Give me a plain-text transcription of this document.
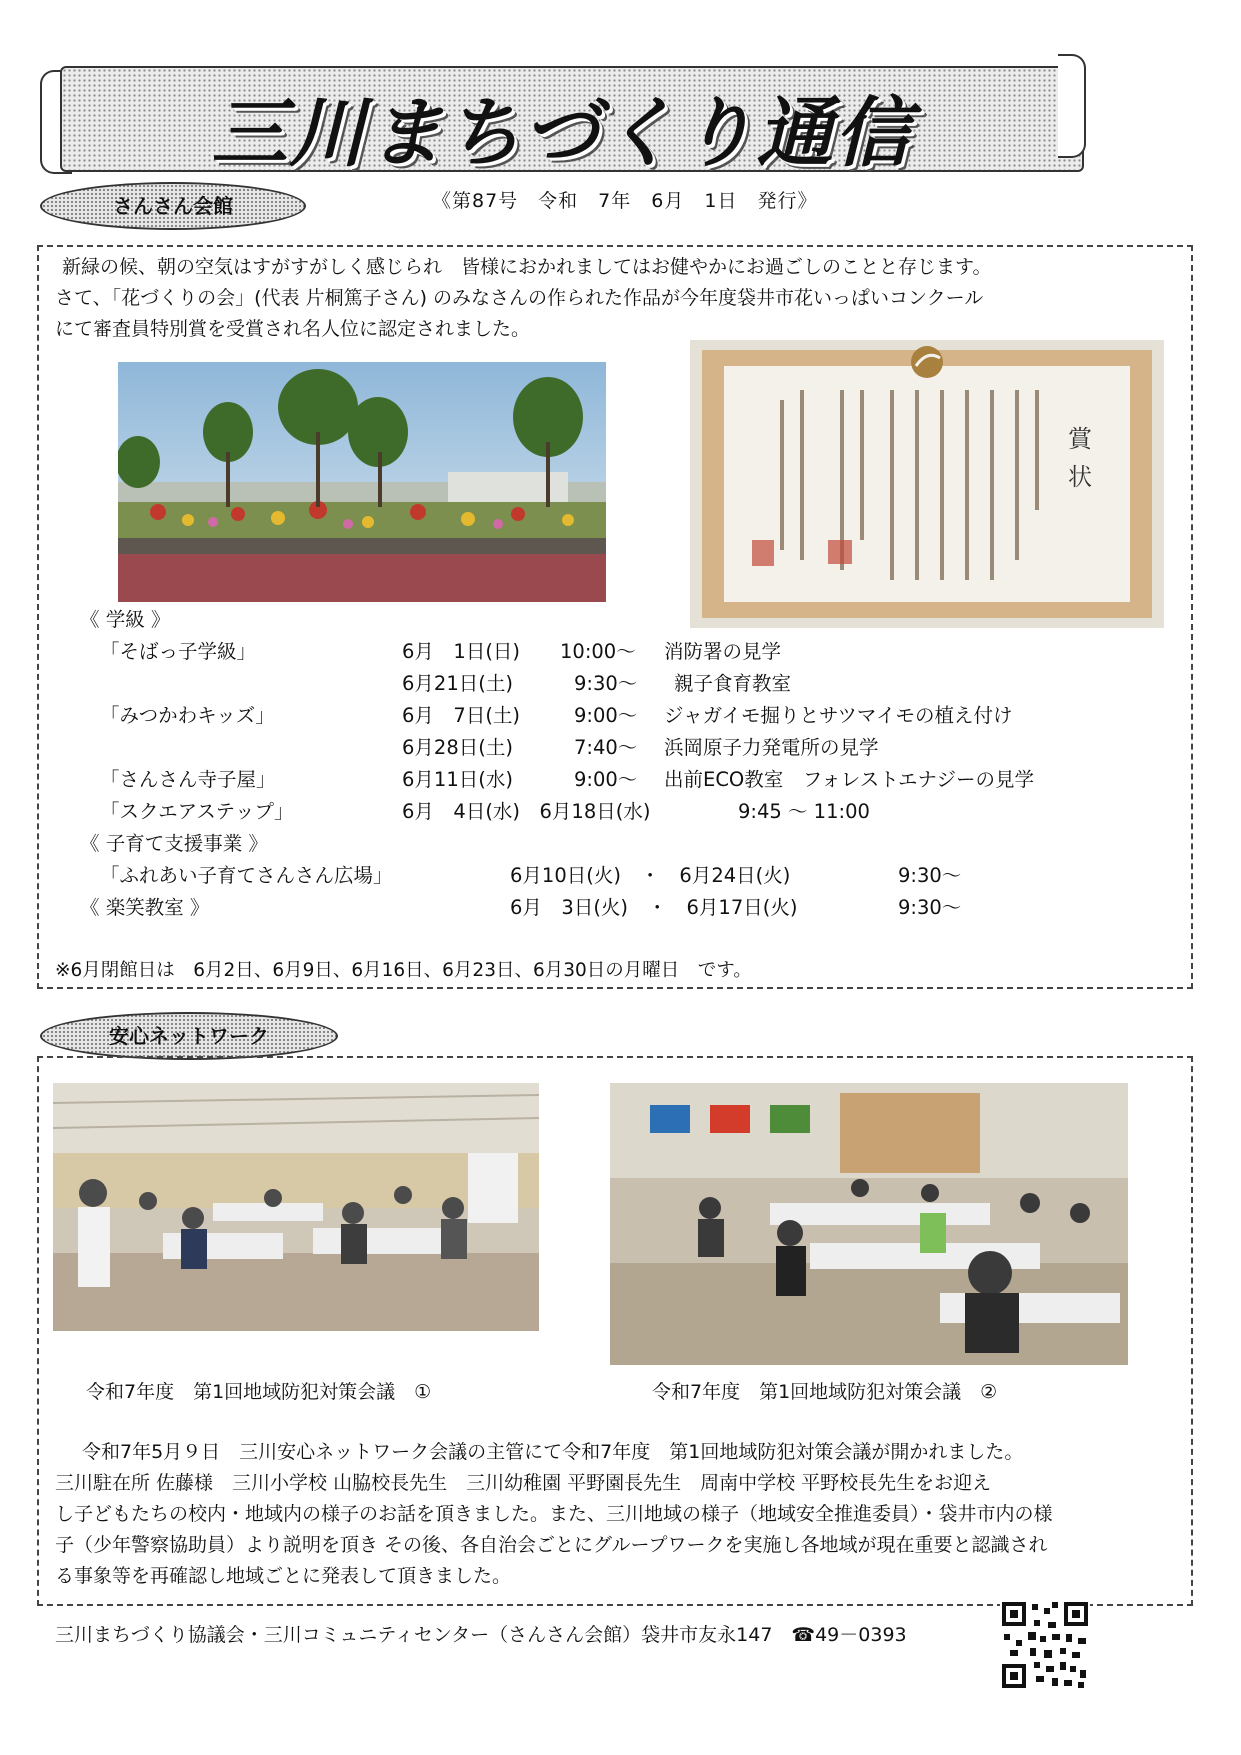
三川まちづくり通信
さんさん会館	《第87号　令和　7年　6月　1日　発行》
新緑の候、朝の空気はすがすがしく感じられ　皆様におかれましてはお健やかにお過ごしのことと存じます。
さて、「花づくりの会」(代表 片桐篤子さん) のみなさんの作られた作品が今年度袋井市花いっぱいコンクール
にて審査員特別賞を受賞され名人位に認定されました。
賞状
《 学級 》
「そばっ子学級」	6月　1日(日) 10:00～ 消防署の見学
6月21日(土)	9:30～ 親子食育教室
「みつかわキッズ」	6月　7日(土)	9:00～ ジャガイモ掘りとサツマイモの植え付け
6月28日(土)	7:40～ 浜岡原子力発電所の見学
「さんさん寺子屋」	6月11日(水)	9:00～ 出前ECO教室　フォレストエナジーの見学
「スクエアステップ」	6月　4日(水)　6月18日(水)	9:45 ～ 11:00
《 子育て支援事業 》
「ふれあい子育てさんさん広場」	6月10日(火)　・　6月24日(火)	9:30～
《 楽笑教室 》	6月　3日(火)　・　6月17日(火)	9:30～
※6月閉館日は　6月2日、6月9日、6月16日、6月23日、6月30日の月曜日　です。
安心ネットワーク
令和7年度　第1回地域防犯対策会議　①	令和7年度　第1回地域防犯対策会議　②
令和7年5月９日　三川安心ネットワーク会議の主管にて令和7年度　第1回地域防犯対策会議が開かれました。
三川駐在所 佐藤様　三川小学校 山脇校長先生　三川幼稚園 平野園長先生　周南中学校 平野校長先生をお迎え
し子どもたちの校内・地域内の様子のお話を頂きました。また、三川地域の様子（地域安全推進委員）・袋井市内の様
子（少年警察協助員）より説明を頂き その後、各自治会ごとにグループワークを実施し各地域が現在重要と認識され
る事象等を再確認し地域ごとに発表して頂きました。
三川まちづくり協議会・三川コミュニティセンター（さんさん会館）袋井市友永147　☎49－0393
